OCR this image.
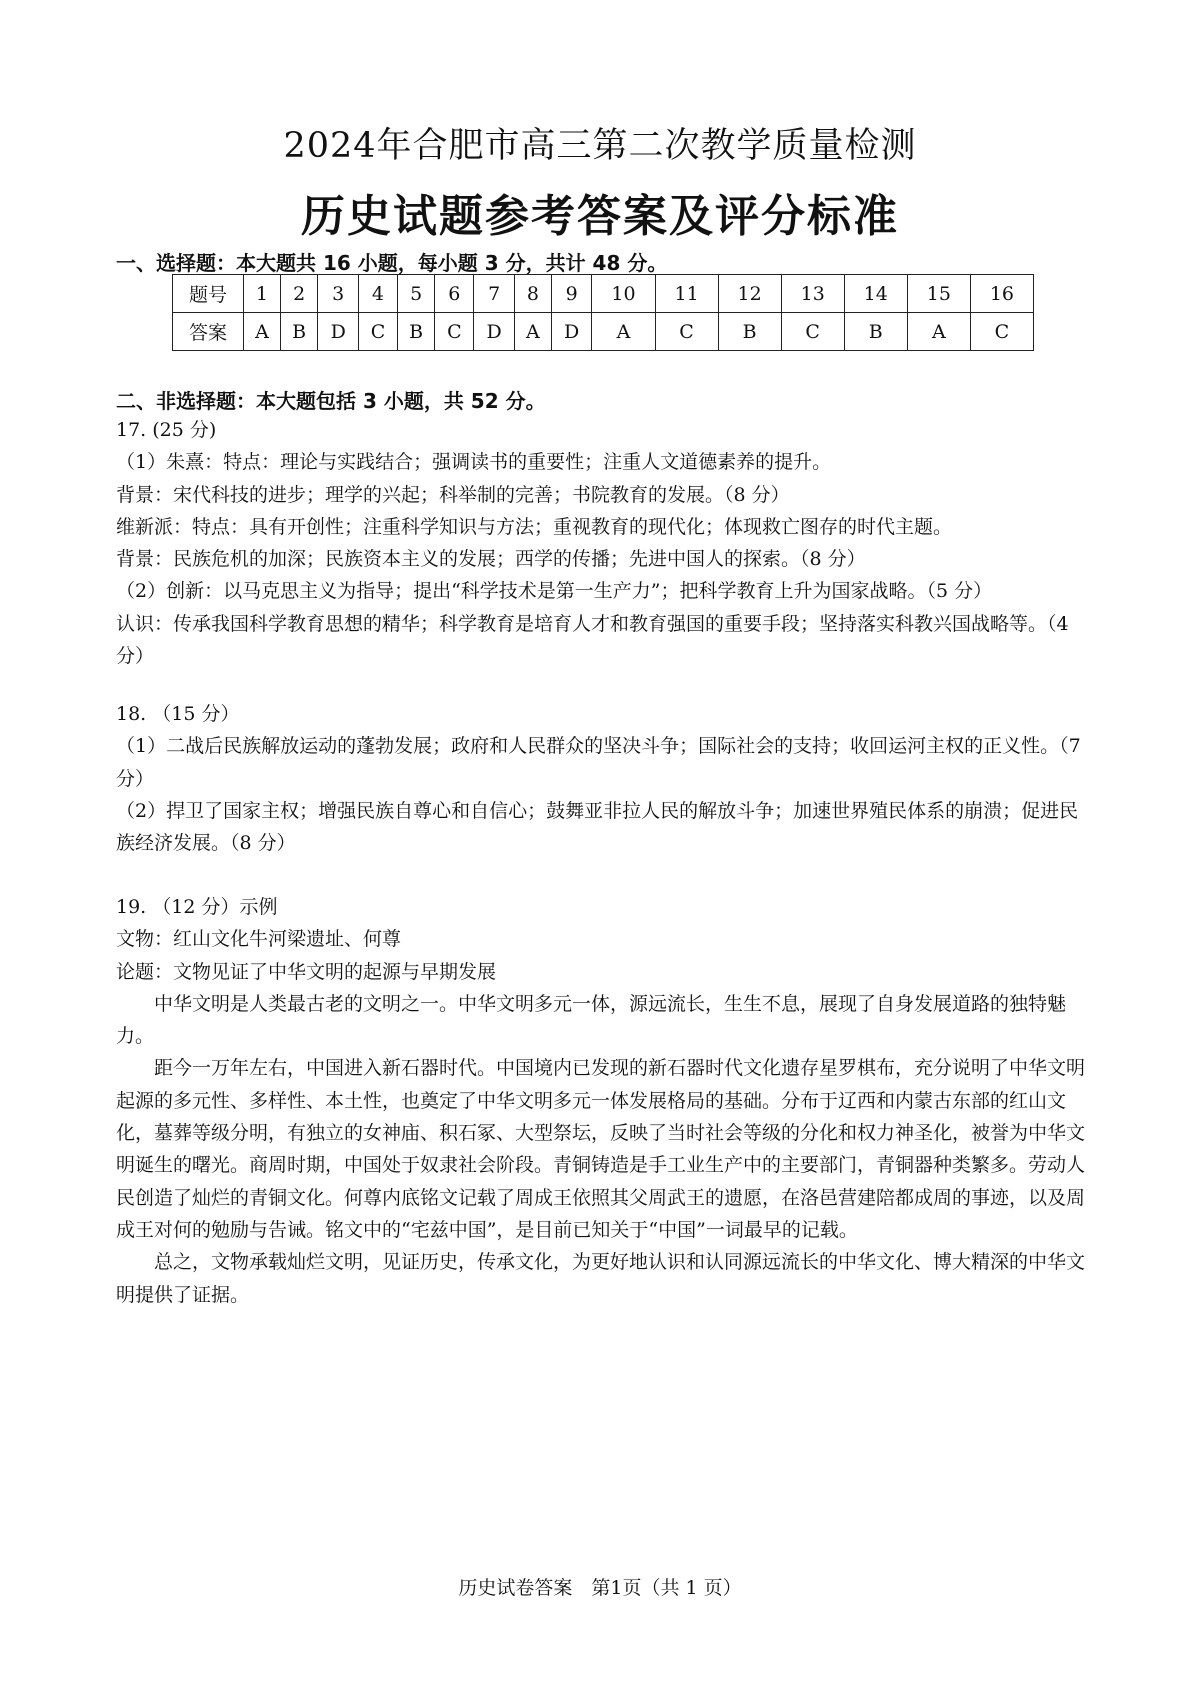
2024年合肥市高三第二次教学质量检测
历史试题参考答案及评分标准
一、选择题：本大题共 16 小题，每小题 3 分，共计 48 分。
题号	1	2	3	4	5	6	7	8	9	10	11	12	13	14	15	16
答案	A	B	D	C	B	C	D	A	D	A	C	B	C	B	A	C
二、非选择题：本大题包括 3 小题，共 52 分。

17. (25 分)

（1）朱熹：特点：理论与实践结合；强调读书的重要性；注重人文道德素养的提升。

背景：宋代科技的进步；理学的兴起；科举制的完善；书院教育的发展。（8 分）

维新派：特点：具有开创性；注重科学知识与方法；重视教育的现代化；体现救亡图存的时代主题。

背景：民族危机的加深；民族资本主义的发展；西学的传播；先进中国人的探索。（8 分）

（2）创新：以马克思主义为指导；提出“科学技术是第一生产力”；把科学教育上升为国家战略。（5 分）

认识：传承我国科学教育思想的精华；科学教育是培育人才和教育强国的重要手段；坚持落实科教兴国战略等。（4 分）

18. （15 分）

（1）二战后民族解放运动的蓬勃发展；政府和人民群众的坚决斗争；国际社会的支持；收回运河主权的正义性。（7 分）

（2）捍卫了国家主权；增强民族自尊心和自信心；鼓舞亚非拉人民的解放斗争；加速世界殖民体系的崩溃；促进民族经济发展。（8 分）

19. （12 分）示例

文物：红山文化牛河梁遗址、何尊

论题：文物见证了中华文明的起源与早期发展

中华文明是人类最古老的文明之一。中华文明多元一体，源远流长，生生不息，展现了自身发展道路的独特魅力。

距今一万年左右，中国进入新石器时代。中国境内已发现的新石器时代文化遗存星罗棋布，充分说明了中华文明起源的多元性、多样性、本土性，也奠定了中华文明多元一体发展格局的基础。分布于辽西和内蒙古东部的红山文化，墓葬等级分明，有独立的女神庙、积石冢、大型祭坛，反映了当时社会等级的分化和权力神圣化，被誉为中华文明诞生的曙光。商周时期，中国处于奴隶社会阶段。青铜铸造是手工业生产中的主要部门，青铜器种类繁多。劳动人民创造了灿烂的青铜文化。何尊内底铭文记载了周成王依照其父周武王的遗愿，在洛邑营建陪都成周的事迹，以及周成王对何的勉励与告诫。铭文中的“宅兹中国”，是目前已知关于“中国”一词最早的记载。

总之，文物承载灿烂文明，见证历史，传承文化，为更好地认识和认同源远流长的中华文化、博大精深的中华文明提供了证据。

历史试卷答案　第1页（共 1 页）
